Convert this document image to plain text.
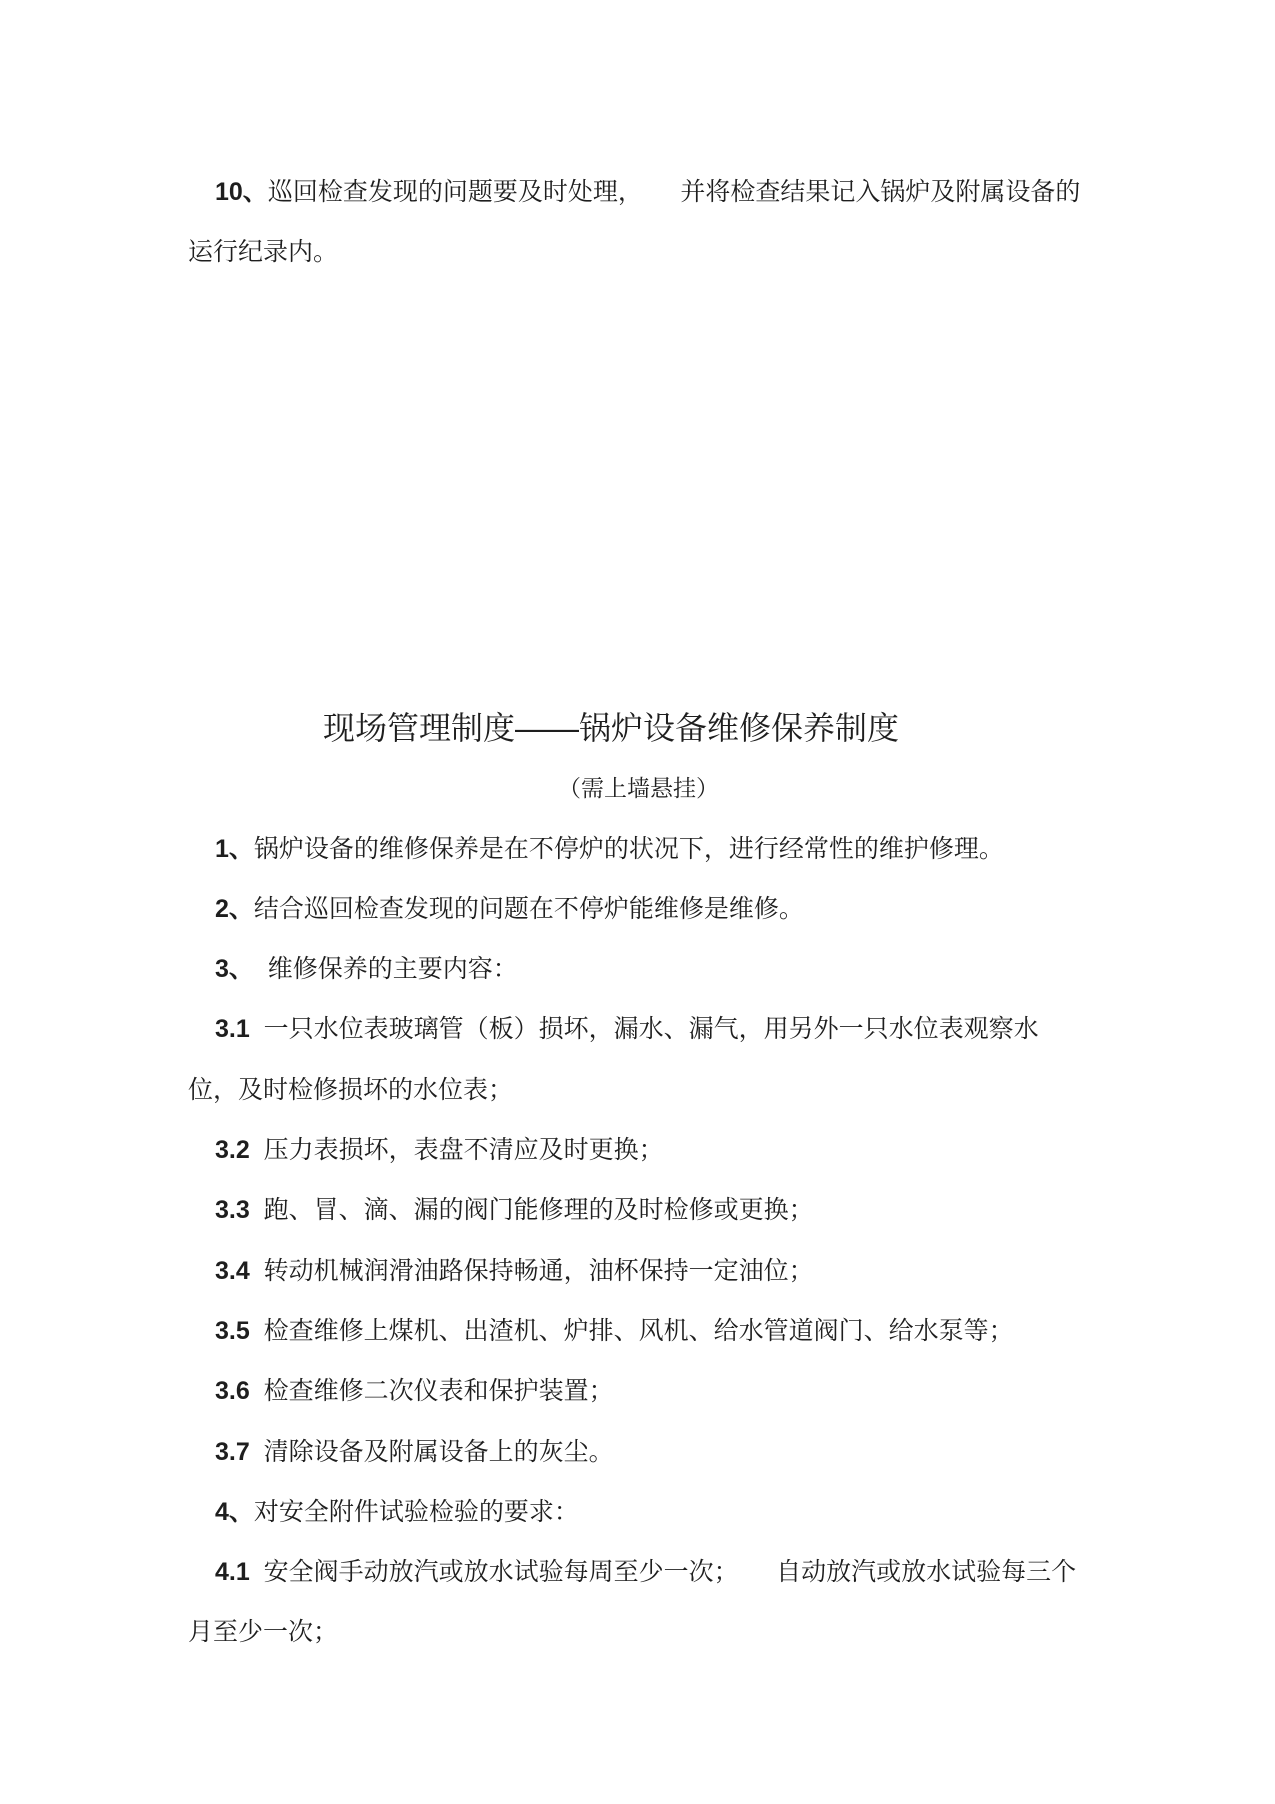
10、巡回检查发现的问题要及时处理，　　并将检查结果记入锅炉及附属设备的
运行纪录内。
现场管理制度——锅炉设备维修保养制度
（需上墙悬挂）
1、锅炉设备的维修保养是在不停炉的状况下，进行经常性的维护修理。
2、结合巡回检查发现的问题在不停炉能维修是维修。
3、  维修保养的主要内容：
3.1  一只水位表玻璃管（板）损坏，漏水、漏气，用另外一只水位表观察水
位，及时检修损坏的水位表；
3.2  压力表损坏，表盘不清应及时更换；
3.3  跑、冒、滴、漏的阀门能修理的及时检修或更换；
3.4  转动机械润滑油路保持畅通，油杯保持一定油位；
3.5  检查维修上煤机、出渣机、炉排、风机、给水管道阀门、给水泵等；
3.6  检查维修二次仪表和保护装置；
3.7  清除设备及附属设备上的灰尘。
4、对安全附件试验检验的要求：
4.1  安全阀手动放汽或放水试验每周至少一次；　　自动放汽或放水试验每三个
月至少一次；
